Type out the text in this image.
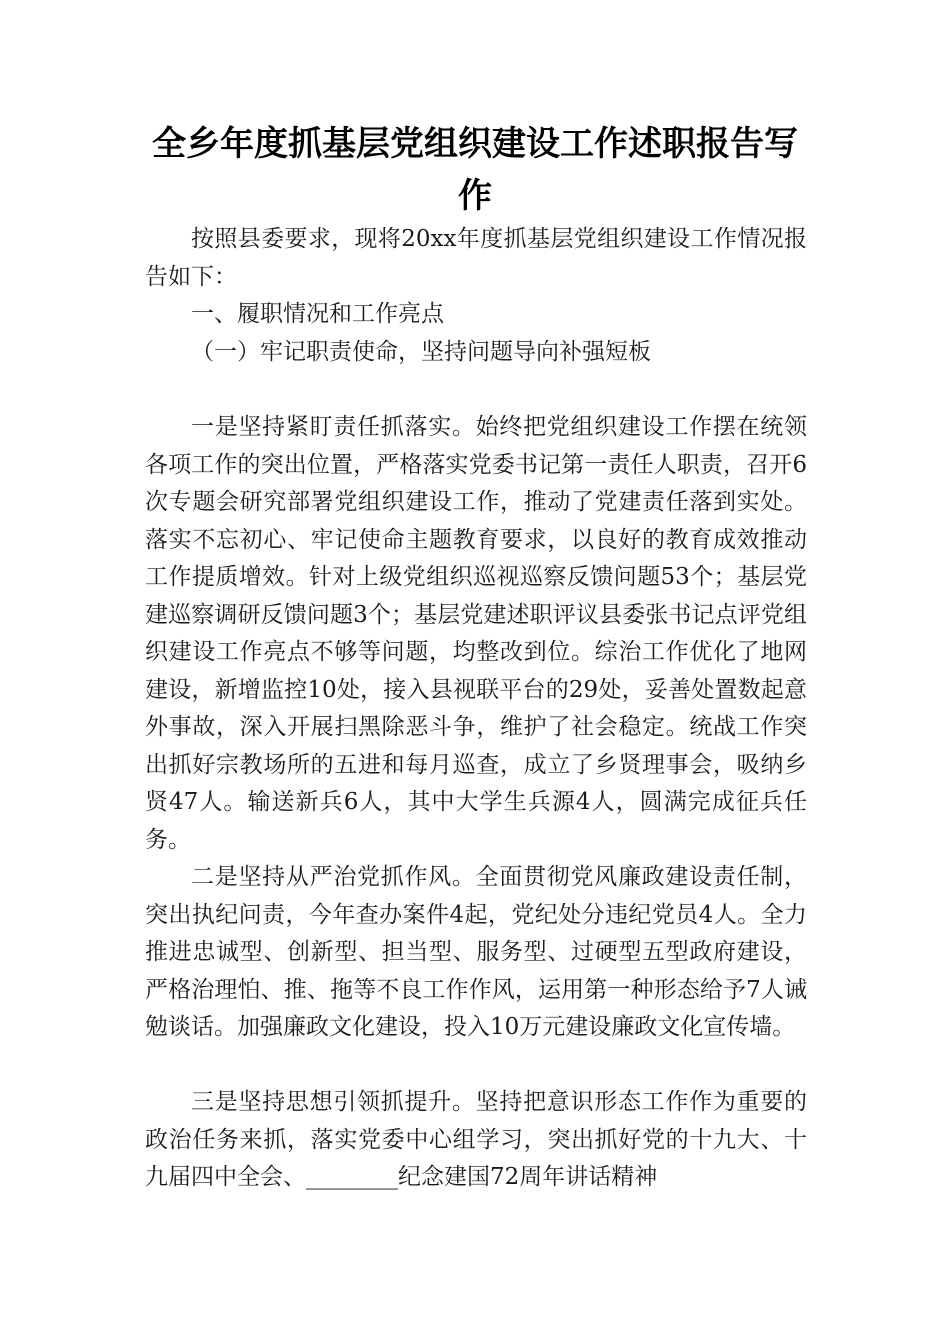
全乡年度抓基层党组织建设工作述职报告写作

按照县委要求，现将20xx年度抓基层党组织建设工作情况报告如下：

一、履职情况和工作亮点

（一）牢记职责使命，坚持问题导向补强短板

一是坚持紧盯责任抓落实。始终把党组织建设工作摆在统领各项工作的突出位置，严格落实党委书记第一责任人职责，召开6次专题会研究部署党组织建设工作，推动了党建责任落到实处。落实不忘初心、牢记使命主题教育要求，以良好的教育成效推动工作提质增效。针对上级党组织巡视巡察反馈问题53个；基层党建巡察调研反馈问题3个；基层党建述职评议县委张书记点评党组织建设工作亮点不够等问题，均整改到位。综治工作优化了地网建设，新增监控10处，接入县视联平台的29处，妥善处置数起意外事故，深入开展扫黑除恶斗争，维护了社会稳定。统战工作突出抓好宗教场所的五进和每月巡查，成立了乡贤理事会，吸纳乡贤47人。输送新兵6人，其中大学生兵源4人，圆满完成征兵任务。

二是坚持从严治党抓作风。全面贯彻党风廉政建设责任制，突出执纪问责，今年查办案件4起，党纪处分违纪党员4人。全力推进忠诚型、创新型、担当型、服务型、过硬型五型政府建设，严格治理怕、推、拖等不良工作作风，运用第一种形态给予7人诫勉谈话。加强廉政文化建设，投入10万元建设廉政文化宣传墙。

三是坚持思想引领抓提升。坚持把意识形态工作作为重要的政治任务来抓，落实党委中心组学习，突出抓好党的十九大、十九届四中全会、________纪念建国72周年讲话精神
